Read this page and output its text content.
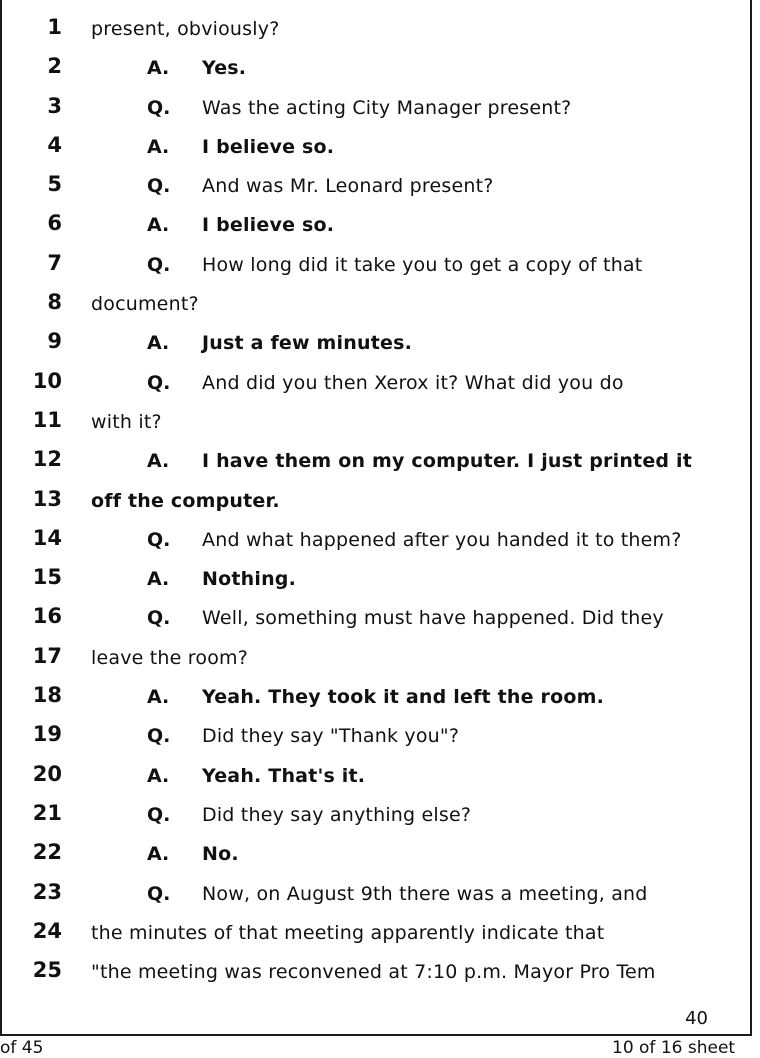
1 present, obviously?
2	A. Yes.
3	Q. Was the acting City Manager present?
4	A. I believe so.
5	Q. And was Mr. Leonard present?
6	A. I believe so.
7	Q. How long did it take you to get a copy of that
8 document?
9	A. Just a few minutes.
10	Q. And did you then Xerox it? What did you do
11 with it?
12	A. I have them on my computer. I just printed it
13 off the computer.
14	Q. And what happened after you handed it to them?
15	A. Nothing.
16	Q. Well, something must have happened. Did they
17 leave the room?
18	A. Yeah. They took it and left the room.
19	Q. Did they say "Thank you"?
20	A. Yeah. That's it.
21	Q. Did they say anything else?
22	A. No.
23	Q. Now, on August 9th there was a meeting, and
24 the minutes of that meeting apparently indicate that
25 "the meeting was reconvened at 7:10 p.m. Mayor Pro Tem
40
of 45	10 of 16 sheet
